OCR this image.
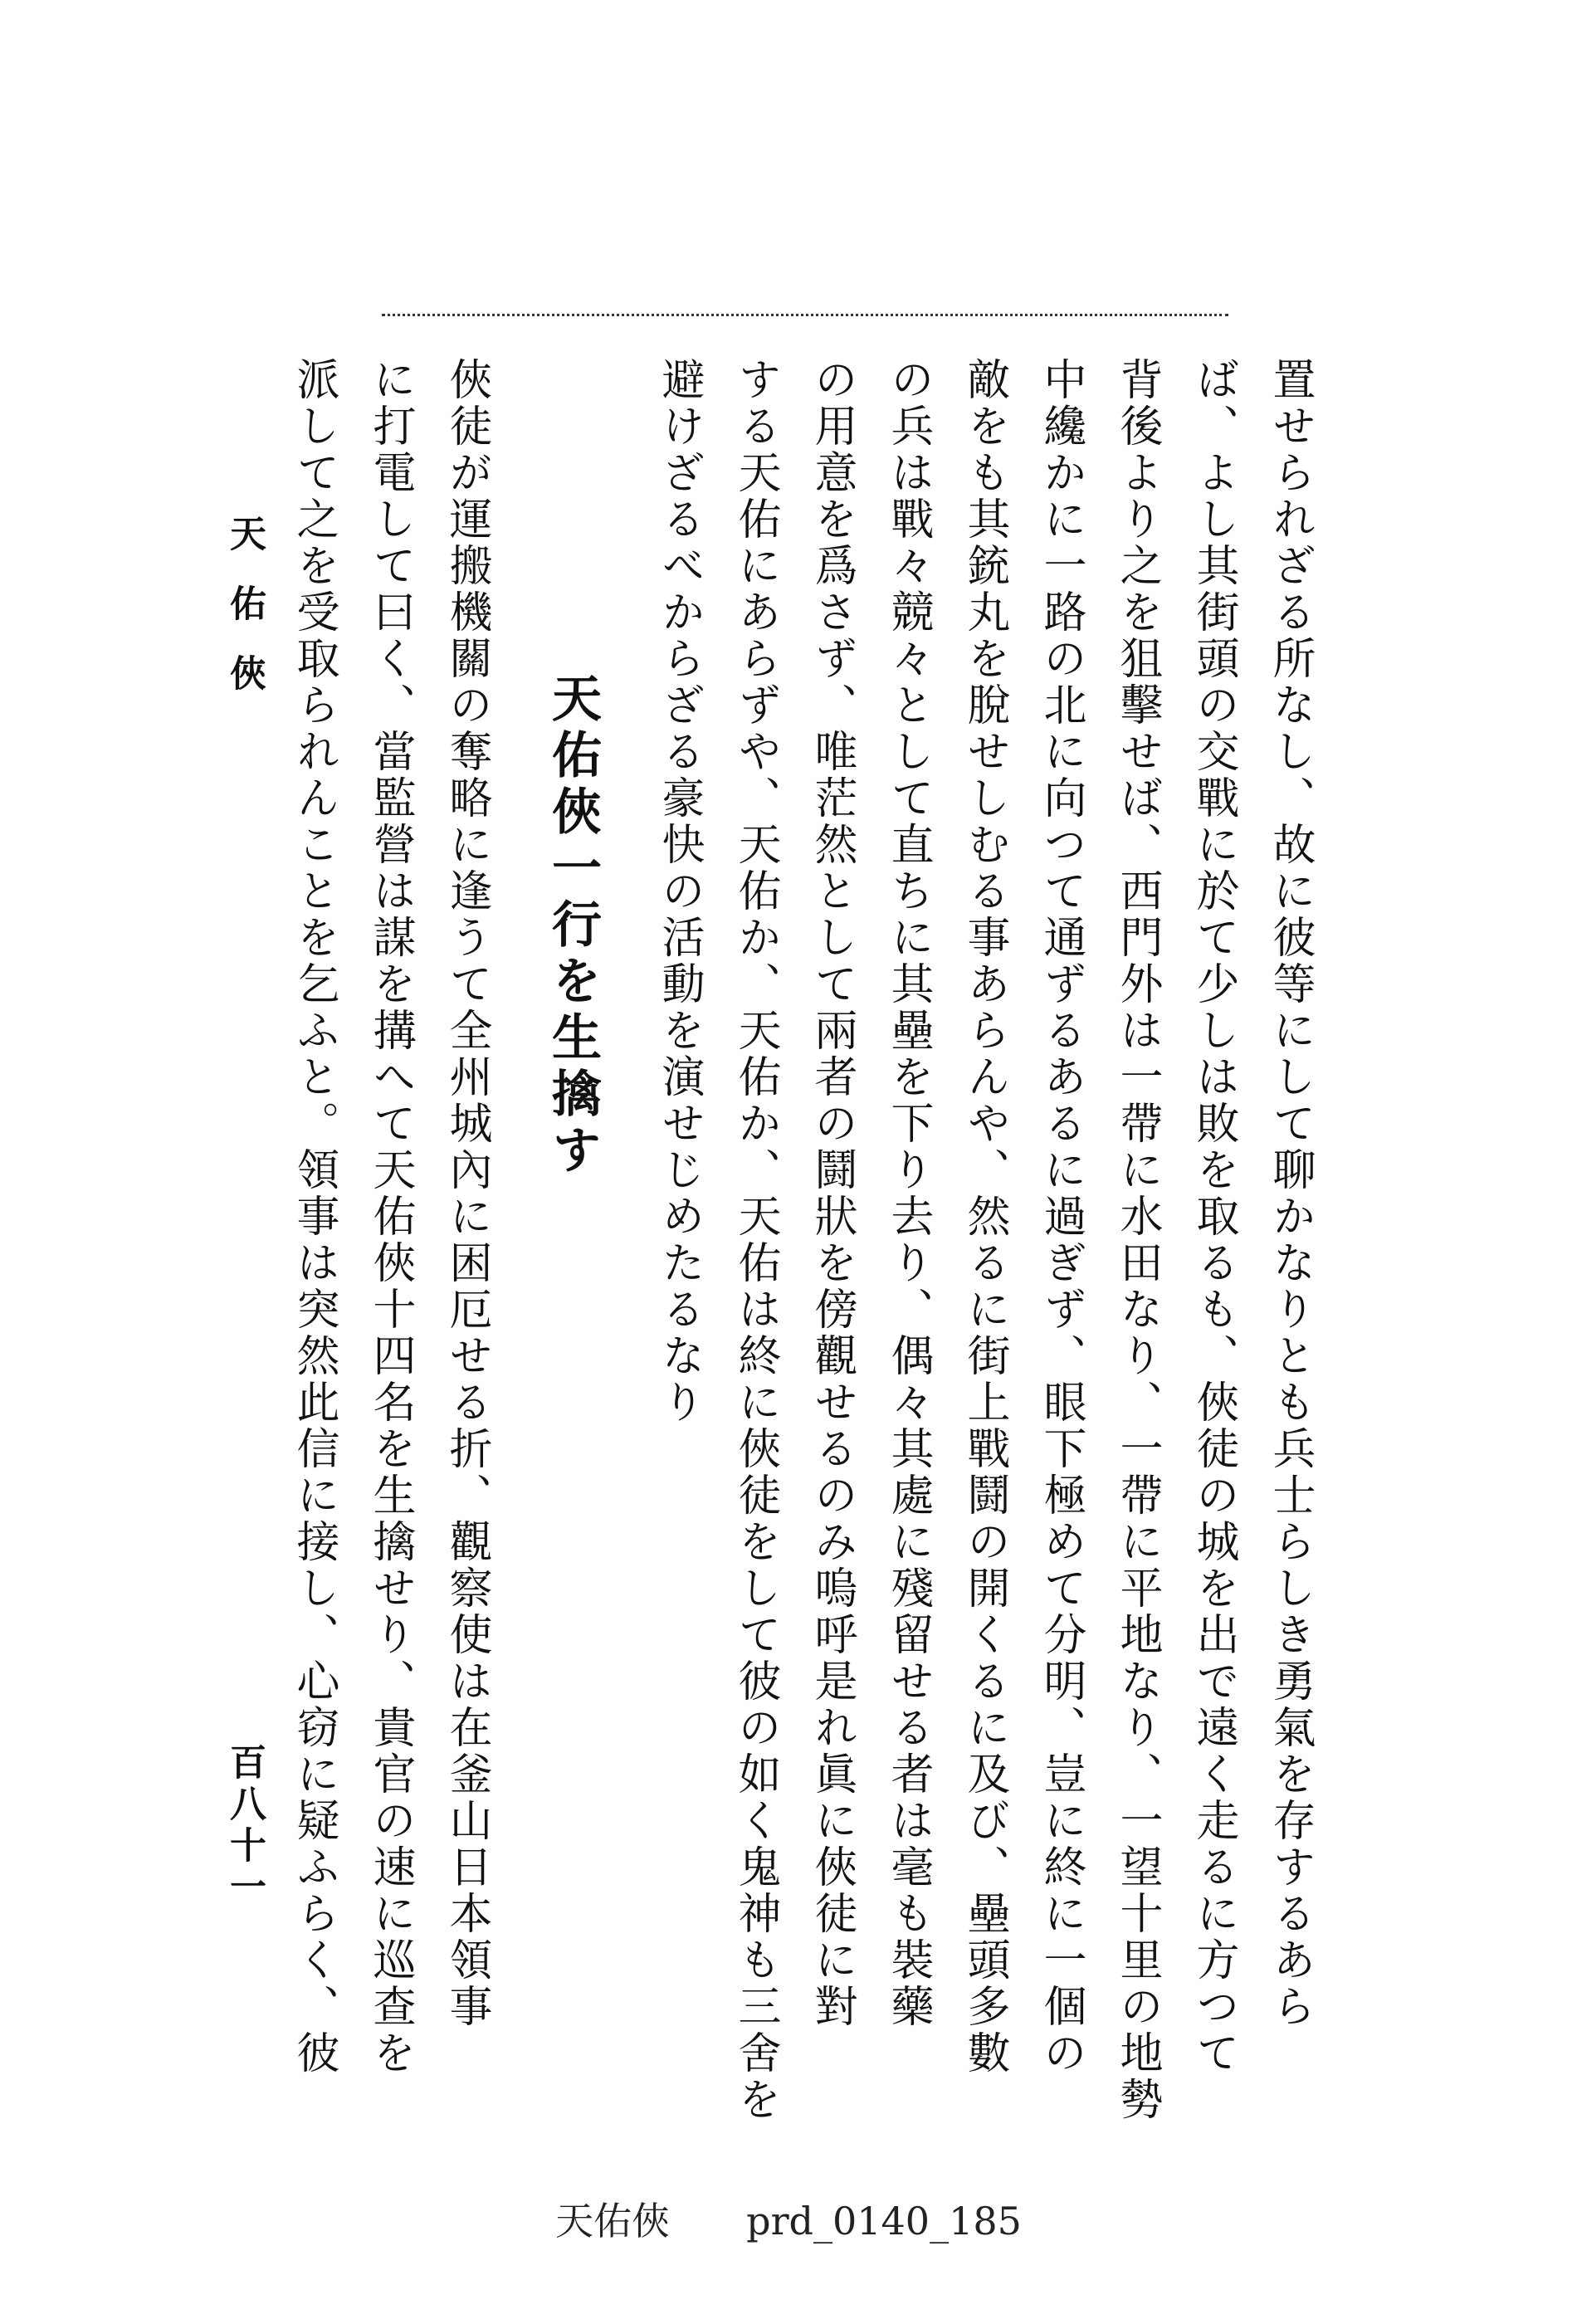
置せられざる所なし、故に彼等にして聊かなりとも兵士らしき勇氣を存するあら
ば、よし其街頭の交戰に於て少しは敗を取るも、俠徒の城を出で遠く走るに方つて
背後より之を狙擊せば、西門外は一帶に水田なり、一帶に平地なり、一望十里の地勢
中纔かに一路の北に向つて通ずるあるに過ぎず、眼下極めて分明、豈に終に一個の
敵をも其銃丸を脫せしむる事あらんや、然るに街上戰鬪の開くるに及び、壘頭多數
の兵は戰々競々として直ちに其壘を下り去り、偶々其處に殘留せる者は毫も裝藥
の用意を爲さず、唯茫然として兩者の鬪狀を傍觀せるのみ嗚呼是れ眞に俠徒に對
する天佑にあらずや、天佑か、天佑か、天佑は終に俠徒をして彼の如く鬼神も三舍を
避けざるべからざる豪快の活動を演せじめたるなり
天佑俠一行を生擒す
俠徒が運搬機關の奪略に逢うて全州城內に困厄せる折、觀察使は在釜山日本領事
に打電して曰く、當監營は謀を搆へて天佑俠十四名を生擒せり、貴官の速に巡查を
派して之を受取られんことを乞ふと。領事は突然此信に接し、心窃に疑ふらく、彼
天佑俠
百八十一
天佑俠　　prd_0140_185
